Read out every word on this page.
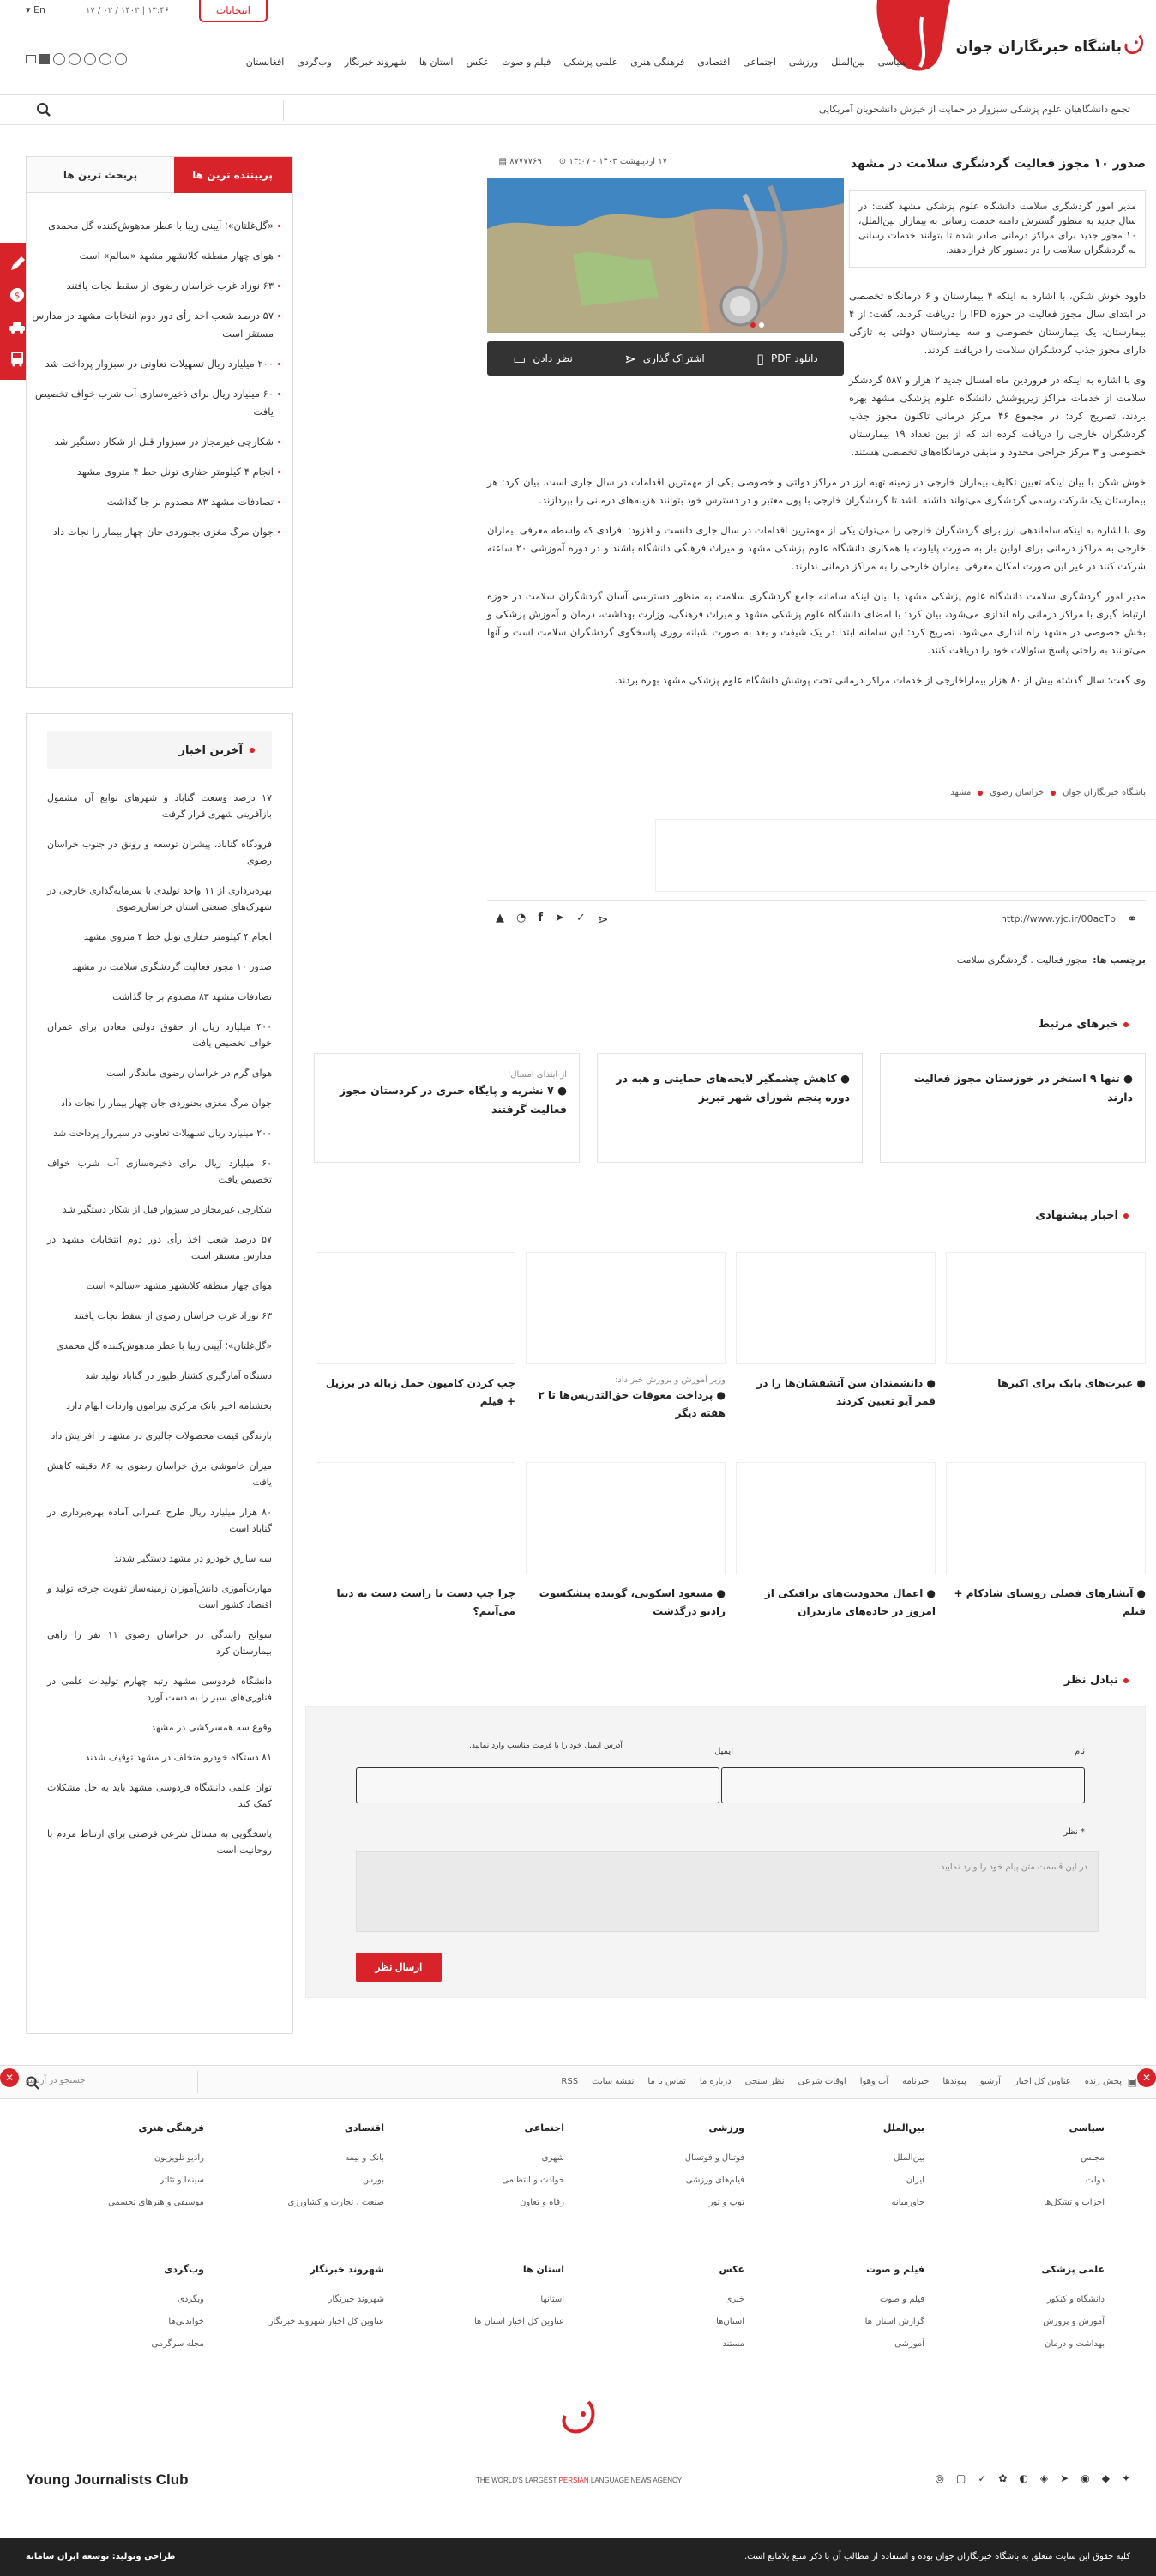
باشگاه خبرنگاران جوان
انتخابات
۱۳:۴۶ | ۱۴۰۳ / ۰۲ / ۱۷
En ▾
سیاسی
بین‌الملل
ورزشی
اجتماعی
اقتصادی
فرهنگی هنری
علمی پزشکی
فیلم و صوت
عکس
استان ها
شهروند خبرنگار
وب‌گردی
افغانستان
تجمع دانشگاهیان علوم پزشکی سبزوار در حمایت از خیزش دانشجویان آمریکایی
$
صدور ۱۰ مجوز فعالیت گردشگری سلامت در مشهد
۱۷ اردیبهشت ۱۴۰۳ - ۱۳:۰۷ ⊙
۸۷۷۷۷۶۹ ▤
مدیر امور گردشگری سلامت دانشگاه علوم پزشکی مشهد گفت: در سال جدید به منظور گسترش دامنه خدمت رسانی به بیماران بین‌الملل، ۱۰ مجوز جدید برای مراکز درمانی صادر شده تا بتوانند خدمات رسانی به گردشگران سلامت را در دستور کار قرار دهند.
دانلود PDF
▯
اشتراک گذاری
⋖
نظر دادن
▭

داوود خوش شکن، با اشاره به اینکه ۴ بیمارستان و ۶ درمانگاه تخصصی در ابتدای سال مجوز فعالیت در حوزه IPD را دریافت کردند، گفت: از ۴ بیمارستان، یک بیمارستان خصوصی و سه بیمارستان دولتی به تازگی دارای مجوز جذب گردشگران سلامت را دریافت کردند.

وی با اشاره به اینکه در فروردین ماه امسال جدید ۲ هزار و ۵۸۷ گردشگر سلامت از خدمات مراکز زیرپوشش دانشگاه علوم پزشکی مشهد بهره بردند، تصریح کرد: در مجموع ۴۶ مرکز درمانی تاکنون مجوز جذب گردشگران خارجی را دریافت کرده اند که از بین تعداد ۱۹ بیمارستان خصوصی و ۳ مرکز جراحی محدود و مابقی درمانگاه‌های تخصصی هستند.

خوش شکن با بیان اینکه تعیین تکلیف بیماران خارجی در زمینه تهیه ارز در مراکز دولتی و خصوصی یکی از مهمترین اقدامات در سال جاری است، بیان کرد: هر بیمارستان یک شرکت رسمی گردشگری می‌تواند داشته باشد تا گردشگران خارجی با پول معتبر و در دسترس خود بتوانند هزینه‌های درمانی را بپردازند.

وی با اشاره به اینکه ساماندهی ارز برای گردشگران خارجی را می‌توان یکی از مهمترین اقدامات در سال جاری دانست و افزود: افرادی که واسطه معرفی بیماران خارجی به مراکز درمانی برای اولین بار به صورت پایلوت با همکاری دانشگاه علوم پزشکی مشهد و میراث فرهنگی دانشگاه باشند و در دوره آموزشی ۲۰ ساعته شرکت کنند در غیر این صورت امکان معرفی بیماران خارجی را به مراکز درمانی ندارند.

مدیر امور گردشگری سلامت دانشگاه علوم پزشکی مشهد با بیان اینکه سامانه جامع گردشگری سلامت به منظور دسترسی آسان گردشگران سلامت در حوزه ارتباط گیری با مراکز درمانی راه اندازی می‌شود، بیان کرد: با امضای دانشگاه علوم پزشکی مشهد و میراث فرهنگی، وزارت بهداشت، درمان و آموزش پزشکی و بخش خصوصی در مشهد راه اندازی می‌شود، تصریح کرد: این سامانه ابتدا در یک شیفت و بعد به صورت شبانه روزی پاسخگوی گردشگران سلامت است و آنها می‌توانند به راحتی پاسخ سئوالات خود را دریافت کنند.

وی گفت: سال گذشته بیش از ۸۰ هزار بیماراخارجی از خدمات مراکز درمانی تحت پوشش دانشگاه علوم پزشکی مشهد بهره بردند.

باشگاه خبرنگاران جوان
خراسان رضوی
مشهد
⚭
http://www.yjc.ir/00acTp
⋖
✓
➤
f
◔
▲
برچسب ها:  مجوز فعالیت . گردشگری سلامت
خبرهای مرتبط
● تنها ۹ استخر در خوزستان مجوز فعالیت دارند
● کاهش چشمگیر لایحه‌های حمایتی و هبه در دوره پنجم شورای شهر تبریز
از ابتدای امسال؛
● ۷ نشریه و پایگاه خبری در کردستان مجوز فعالیت گرفتند
اخبار پیشنهادی
● عبرت‌های بابک برای اکبرها
● دانشمندان سن آتشفشان‌ها را در قمر آیو تعیین کردند
وزیر آموزش و پرورش خبر داد:
● پرداخت معوقات حق‌التدریس‌ها تا ۲ هفته دیگر
چپ کردن کامیون حمل زباله در برزیل + فیلم
● آبشارهای فصلی روستای شادکام + فیلم
● اعمال محدودیت‌های ترافیکی از امروز در جاده‌های مازندران
● مسعود اسکویی، گوینده پیشکسوت رادیو درگذشت
چرا چپ دست یا راست دست به دنیا می‌آییم؟
تبادل نظر
نام
ایمیل
آدرس ایمیل خود را با فرمت مناسب وارد نمایید.
* نظر
در این قسمت متن پیام خود را وارد نمایید.
ارسال نظر
پربیننده ترین ها
پربحث ترین ها
«گل‌غلتان»؛ آیینی زیبا با عطر مدهوش‌کننده گل محمدی
هوای چهار منطقه کلانشهر مشهد «سالم» است
۶۳ نوزاد غرب خراسان رضوی از سقط نجات یافتند
۵۷ درصد شعب اخذ رأی دور دوم انتخابات مشهد در مدارس مستقر است
۲۰۰ میلیارد ریال تسهیلات تعاونی در سبزوار پرداخت شد
۶۰ میلیارد ریال برای ذخیره‌سازی آب شرب خواف تخصیص یافت
شکارچی غیرمجاز در سبزوار قبل از شکار دستگیر شد
انجام ۴ کیلومتر حفاری تونل خط ۴ متروی مشهد
تصادفات مشهد ۸۳ مصدوم بر جا گذاشت
جوان مرگ مغزی بجنوردی جان چهار بیمار را نجات داد
آخرین اخبار
۱۷ درصد وسعت گناباد و شهرهای توابع آن مشمول بازآفرینی شهری قرار گرفت
فرودگاه گناباد، پیشران توسعه و رونق در جنوب خراسان رضوی
بهره‌برداری از ۱۱ واحد تولیدی با سرمایه‌گذاری خارجی در شهرک‌های صنعتی استان خراسان‌رضوی
انجام ۴ کیلومتر حفاری تونل خط ۴ متروی مشهد
صدور ۱۰ مجوز فعالیت گردشگری سلامت در مشهد
تصادفات مشهد ۸۳ مصدوم بر جا گذاشت
۴۰۰ میلیارد ریال از حقوق دولتی معادن برای عمران خواف تخصیص یافت
هوای گرم در خراسان رضوی ماندگار است
جوان مرگ مغزی بجنوردی جان چهار بیمار را نجات داد
۲۰۰ میلیارد ریال تسهیلات تعاونی در سبزوار پرداخت شد
۶۰ میلیارد ریال برای ذخیره‌سازی آب شرب خواف تخصیص یافت
شکارچی غیرمجاز در سبزوار قبل از شکار دستگیر شد
۵۷ درصد شعب اخذ رأی دور دوم انتخابات مشهد در مدارس مستقر است
هوای چهار منطقه کلانشهر مشهد «سالم» است
۶۳ نوزاد غرب خراسان رضوی از سقط نجات یافتند
«گل‌غلتان»؛ آیینی زیبا با عطر مدهوش‌کننده گل محمدی
دستگاه آمارگیری کشتار طیور در گناباد تولید شد
بخشنامه اخیر بانک مرکزی پیرامون واردات ابهام دارد
بارندگی قیمت محصولات جالیزی در مشهد را افزایش داد
میزان خاموشی برق خراسان رضوی به ۸۶ دقیقه کاهش یافت
۸۰ هزار میلیارد ریال طرح عمرانی آماده بهره‌برداری در گناباد است
سه سارق خودرو در مشهد دستگیر شدند
مهارت‌آموزی دانش‌آموزان زمینه‌ساز تقویت چرخه تولید و اقتصاد کشور است
سوانح رانندگی در خراسان رضوی ۱۱ نفر را راهی بیمارستان کرد
دانشگاه فردوسی مشهد رتبه چهارم تولیدات علمی در فناوری‌های سبز را به دست آورد
وقوع سه همسرکشی در مشهد
۸۱ دستگاه خودرو متخلف در مشهد توقیف شدند
توان علمی دانشگاه فردوسی مشهد باید به حل مشکلات کمک کند
پاسخگویی به مسائل شرعی فرصتی برای ارتباط مردم با روحانیت است
▣
پخش زنده
عناوین کل اخبار
آرشیو
پیوندها
خبرنامه
آب وهوا
اوقات شرعی
نظر سنجی
درباره ما
تماس با ما
نقشه سایت
RSS
جستجو در آرشیو
✕	✕
سیاسی
مجلس
دولت
احزاب و تشکل‌ها
بین‌الملل
بین‌الملل
ایران
خاورمیانه
ورزشی
فوتبال و فوتسال
فیلم‌های ورزشی
توپ و تور
اجتماعی
شهری
حوادث و انتظامی
رفاه و تعاون
اقتصادی
بانک و بیمه
بورس
صنعت ، تجارت و کشاورزی
فرهنگی هنری
رادیو تلویزیون
سینما و تئاتر
موسیقی و هنرهای تجسمی
علمی پزشکی
دانشگاه و کنکور
آموزش و پرورش
بهداشت و درمان
فیلم و صوت
فیلم و صوت
گزارش استان ها
آموزشی
عکس
خبری
استان‌ها
مستند
استان ها
استانها
عناوین کل اخبار استان ها
شهروند خبرنگار
شهروند خبرنگار
عناوین کل اخبار شهروند خبرنگار
وب‌گردی
وبگردی
خواندنی‌ها
مجله سرگرمی
Young Journalists Club	THE WORLD'S LARGEST PERSIAN LANGUAGE NEWS AGENCY	◎ ▢ ✓ ✿ ◐ ◈ ➤ ◉ ◆ ✦
کلیه حقوق این سایت متعلق به باشگاه خبرنگاران جوان بوده و استفاده از مطالب آن با ذکر منبع بلامانع است.
طراحی وتولید: توسعه ایران سامانه
